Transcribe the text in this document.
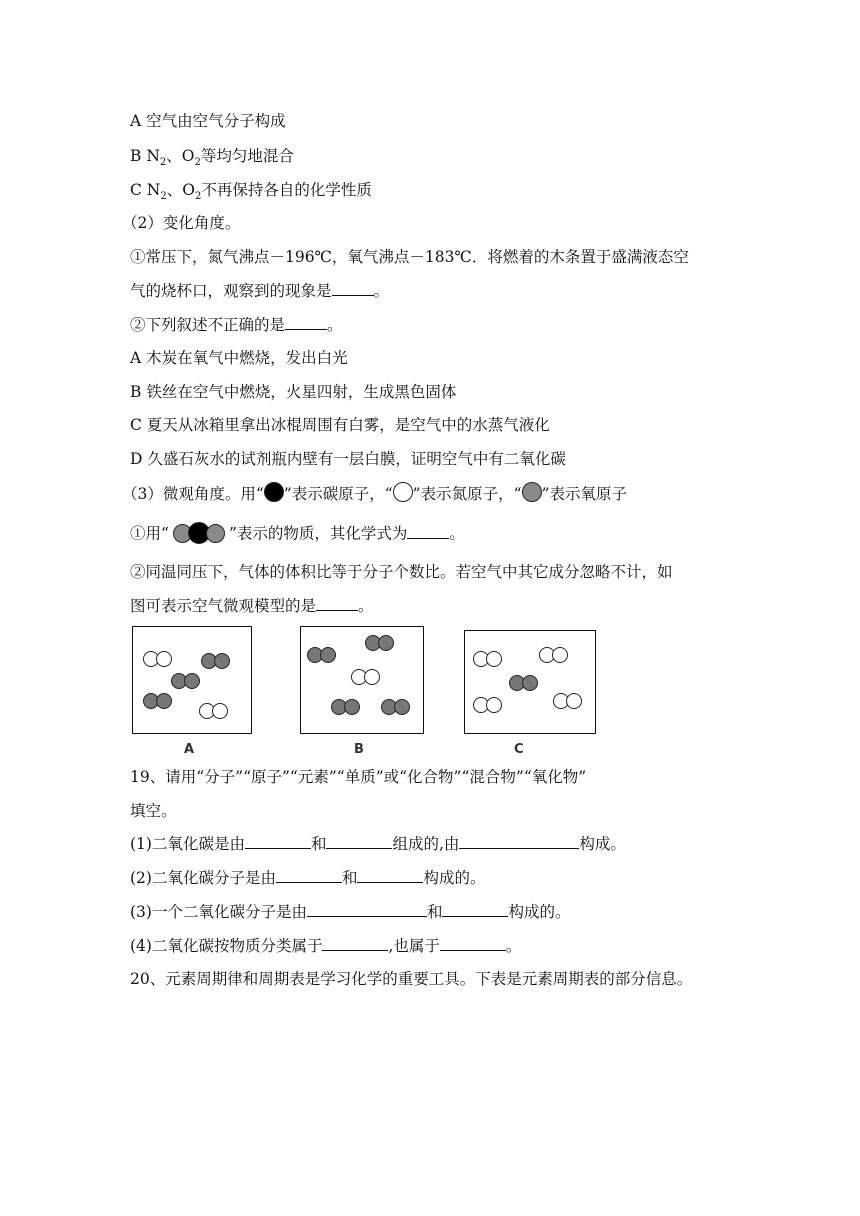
A 空气由空气分子构成
B $N_2$、$O_2$等均匀地混合
C $N_2$、$O_2$不再保持各自的化学性质
（2）变化角度。
①常压下，氮气沸点－196℃，氧气沸点－183℃．将燃着的木条置于盛满液态空
气的烧杯口，观察到的现象是	。
②下列叙述不正确的是	。
A 木炭在氧气中燃烧，发出白光
B 铁丝在空气中燃烧，火星四射，生成黑色固体
C 夏天从冰箱里拿出冰棍周围有白雾，是空气中的水蒸气液化
D 久盛石灰水的试剂瓶内壁有一层白膜，证明空气中有二氧化碳
（3）微观角度。用“ ”表示碳原子，“ ”表示氮原子，“ ”表示氧原子
①用“	”表示的物质，其化学式为	。
②同温同压下，气体的体积比等于分子个数比。若空气中其它成分忽略不计，如
图可表示空气微观模型的是	。
A	B	C
19、请用“分子”“原子”“元素”“单质”或“化合物”“混合物”“氧化物”
填空。
(1)二氧化碳是由	和	组成的,由	构成。
(2)二氧化碳分子是由	和	构成的。
(3)一个二氧化碳分子是由	和	构成的。
(4)二氧化碳按物质分类属于	,也属于	。
20、元素周期律和周期表是学习化学的重要工具。下表是元素周期表的部分信息。
